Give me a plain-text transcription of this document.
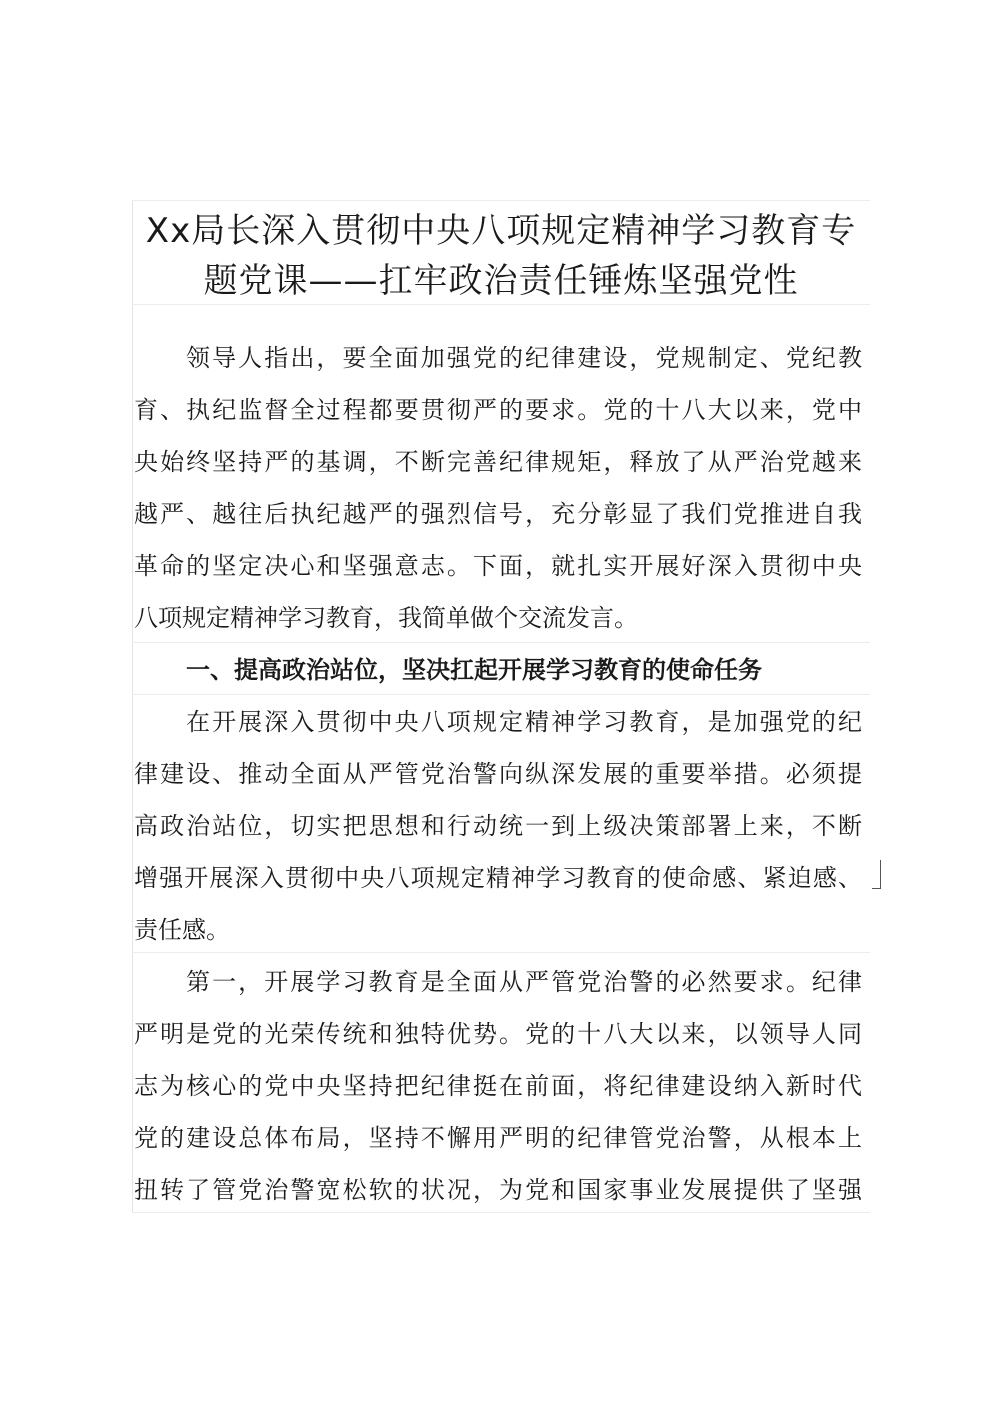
Xx局长深入贯彻中央八项规定精神学习教育专
题党课——扛牢政治责任锤炼坚强党性
领导人指出，要全面加强党的纪律建设，党规制定、党纪教
育、执纪监督全过程都要贯彻严的要求。党的十八大以来，党中
央始终坚持严的基调，不断完善纪律规矩，释放了从严治党越来
越严、越往后执纪越严的强烈信号，充分彰显了我们党推进自我
革命的坚定决心和坚强意志。下面，就扎实开展好深入贯彻中央
八项规定精神学习教育，我简单做个交流发言。
一、提高政治站位，坚决扛起开展学习教育的使命任务
在开展深入贯彻中央八项规定精神学习教育，是加强党的纪
律建设、推动全面从严管党治警向纵深发展的重要举措。必须提
高政治站位，切实把思想和行动统一到上级决策部署上来，不断
增强开展深入贯彻中央八项规定精神学习教育的使命感、紧迫感、
责任感。
第一，开展学习教育是全面从严管党治警的必然要求。纪律
严明是党的光荣传统和独特优势。党的十八大以来，以领导人同
志为核心的党中央坚持把纪律挺在前面，将纪律建设纳入新时代
党的建设总体布局，坚持不懈用严明的纪律管党治警，从根本上
扭转了管党治警宽松软的状况，为党和国家事业发展提供了坚强
